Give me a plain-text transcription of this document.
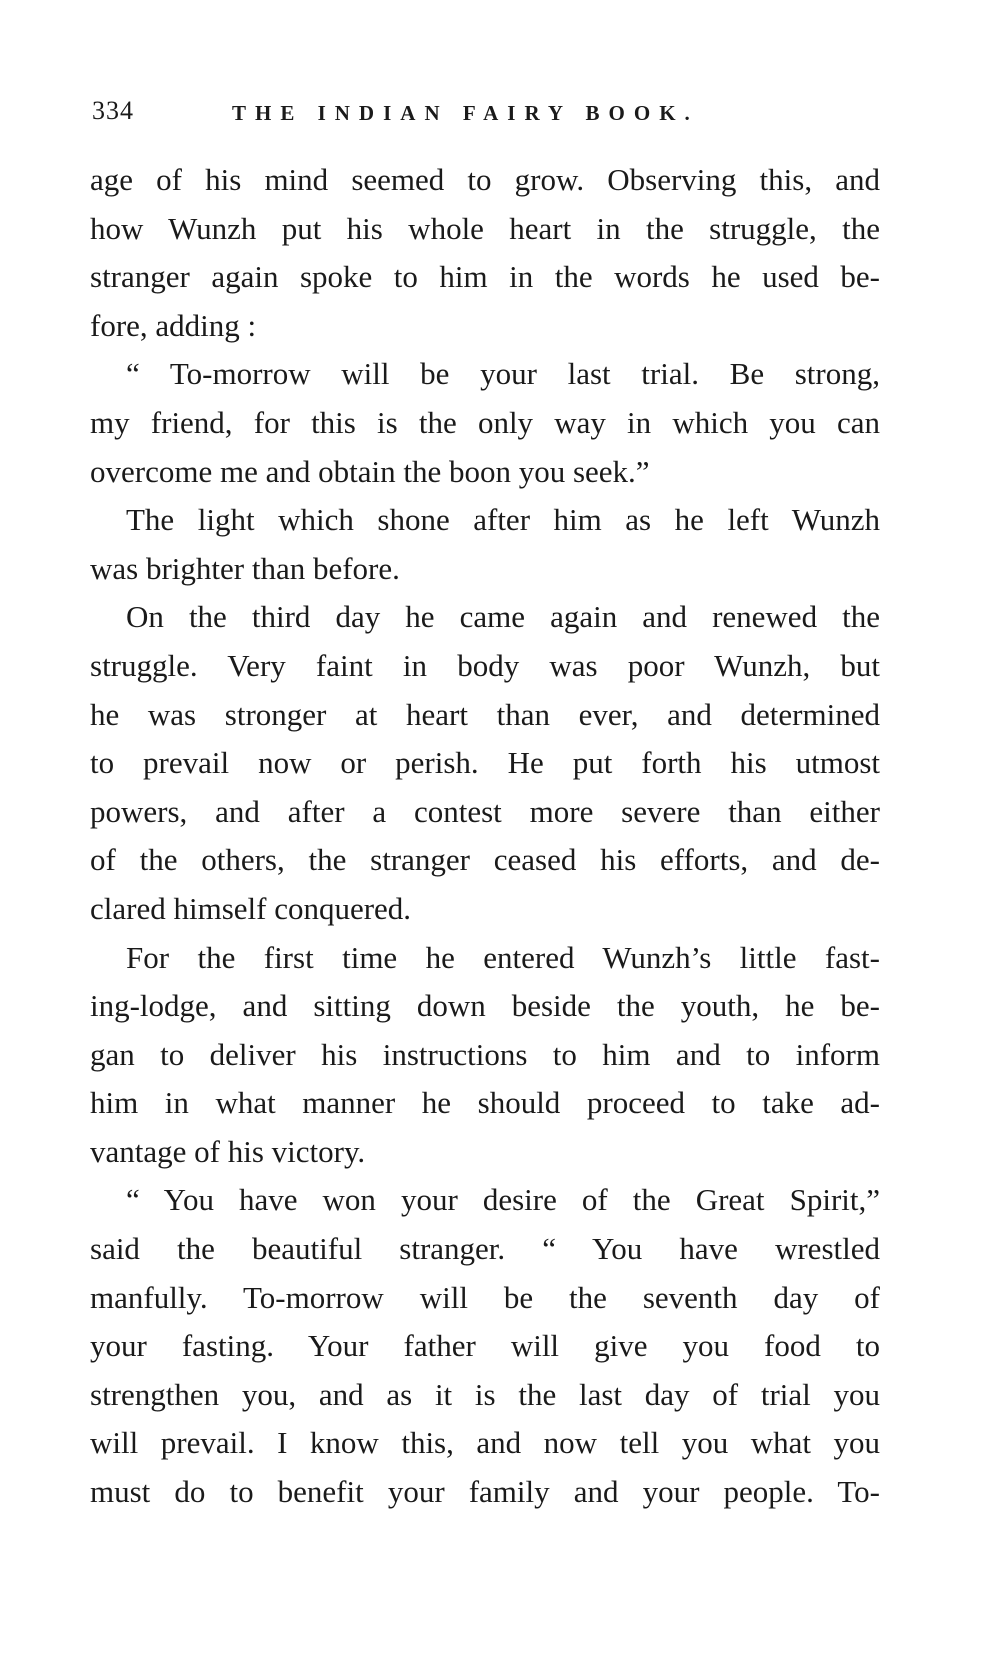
334	THE INDIAN FAIRY BOOK.
age of his mind seemed to grow. Observing this, and
how Wunzh put his whole heart in the struggle, the
stranger again spoke to him in the words he used be-
fore, adding :
“ To-morrow will be your last trial. Be strong,
my friend, for this is the only way in which you can
overcome me and obtain the boon you seek.”
The light which shone after him as he left Wunzh
was brighter than before.
On the third day he came again and renewed the
struggle. Very faint in body was poor Wunzh, but
he was stronger at heart than ever, and determined
to prevail now or perish. He put forth his utmost
powers, and after a contest more severe than either
of the others, the stranger ceased his efforts, and de-
clared himself conquered.
For the first time he entered Wunzh’s little fast-
ing-lodge, and sitting down beside the youth, he be-
gan to deliver his instructions to him and to inform
him in what manner he should proceed to take ad-
vantage of his victory.
“ You have won your desire of the Great Spirit,”
said the beautiful stranger. “ You have wrestled
manfully. To-morrow will be the seventh day of
your fasting. Your father will give you food to
strengthen you, and as it is the last day of trial you
will prevail. I know this, and now tell you what you
must do to benefit your family and your people. To-
